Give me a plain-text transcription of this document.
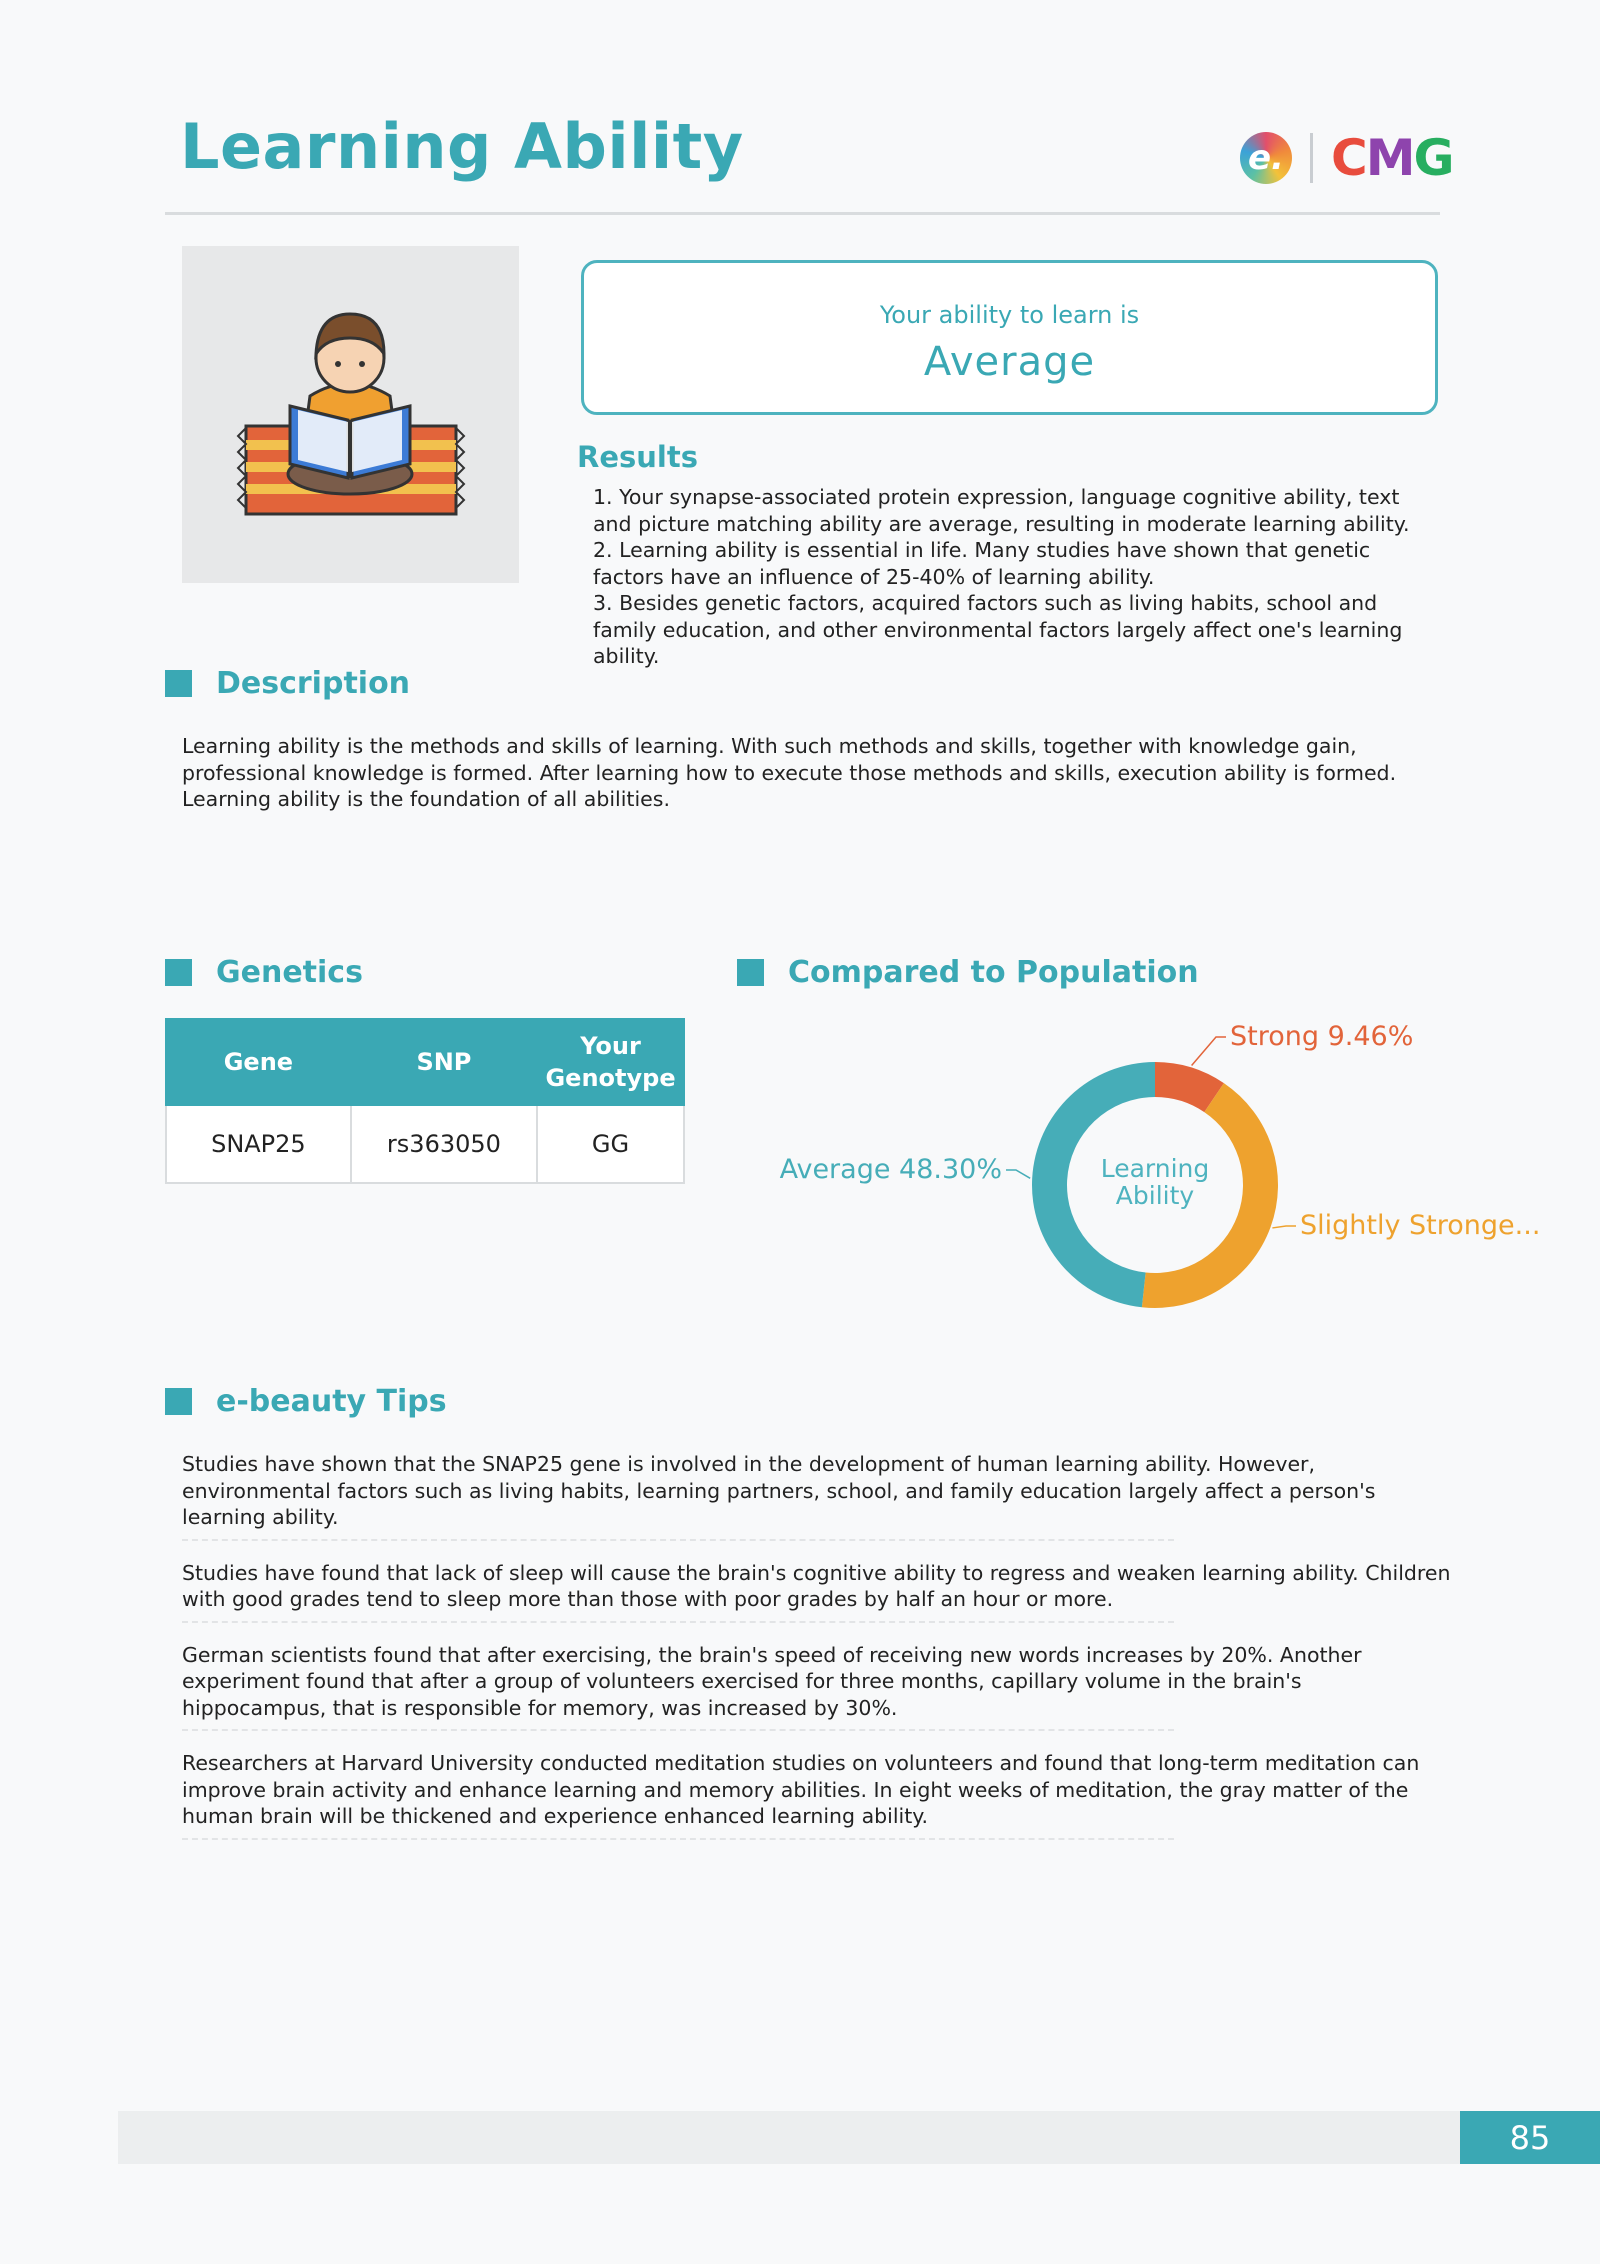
Learning Ability	e. CMG
Your ability to learn is
Average
Results

1. Your synapse-associated protein expression, language cognitive ability, text and picture matching ability are average, resulting in moderate learning ability.

2. Learning ability is essential in life. Many studies have shown that genetic factors have an influence of 25-40% of learning ability.

3. Besides genetic factors, acquired factors such as living habits, school and family education, and other environmental factors largely affect one's learning ability.

Description
Learning ability is the methods and skills of learning. With such methods and skills, together with knowledge gain, professional knowledge is formed. After learning how to execute those methods and skills, execution ability is formed. Learning ability is the foundation of all abilities.
Genetics
Gene	SNP	Your Genotype
SNAP25	rs363050	GG
Compared to Population
Strong 9.46%
Slightly Stronge...
Average 48.30%	Learning
Ability
e-beauty Tips
Studies have shown that the SNAP25 gene is involved in the development of human learning ability. However, environmental factors such as living habits, learning partners, school, and family education largely affect a person's learning ability.
Studies have found that lack of sleep will cause the brain's cognitive ability to regress and weaken learning ability. Children with good grades tend to sleep more than those with poor grades by half an hour or more.
German scientists found that after exercising, the brain's speed of receiving new words increases by 20%. Another experiment found that after a group of volunteers exercised for three months, capillary volume in the brain's hippocampus, that is responsible for memory, was increased by 30%.
Researchers at Harvard University conducted meditation studies on volunteers and found that long-term meditation can improve brain activity and enhance learning and memory abilities. In eight weeks of meditation, the gray matter of the human brain will be thickened and experience enhanced learning ability.
85
